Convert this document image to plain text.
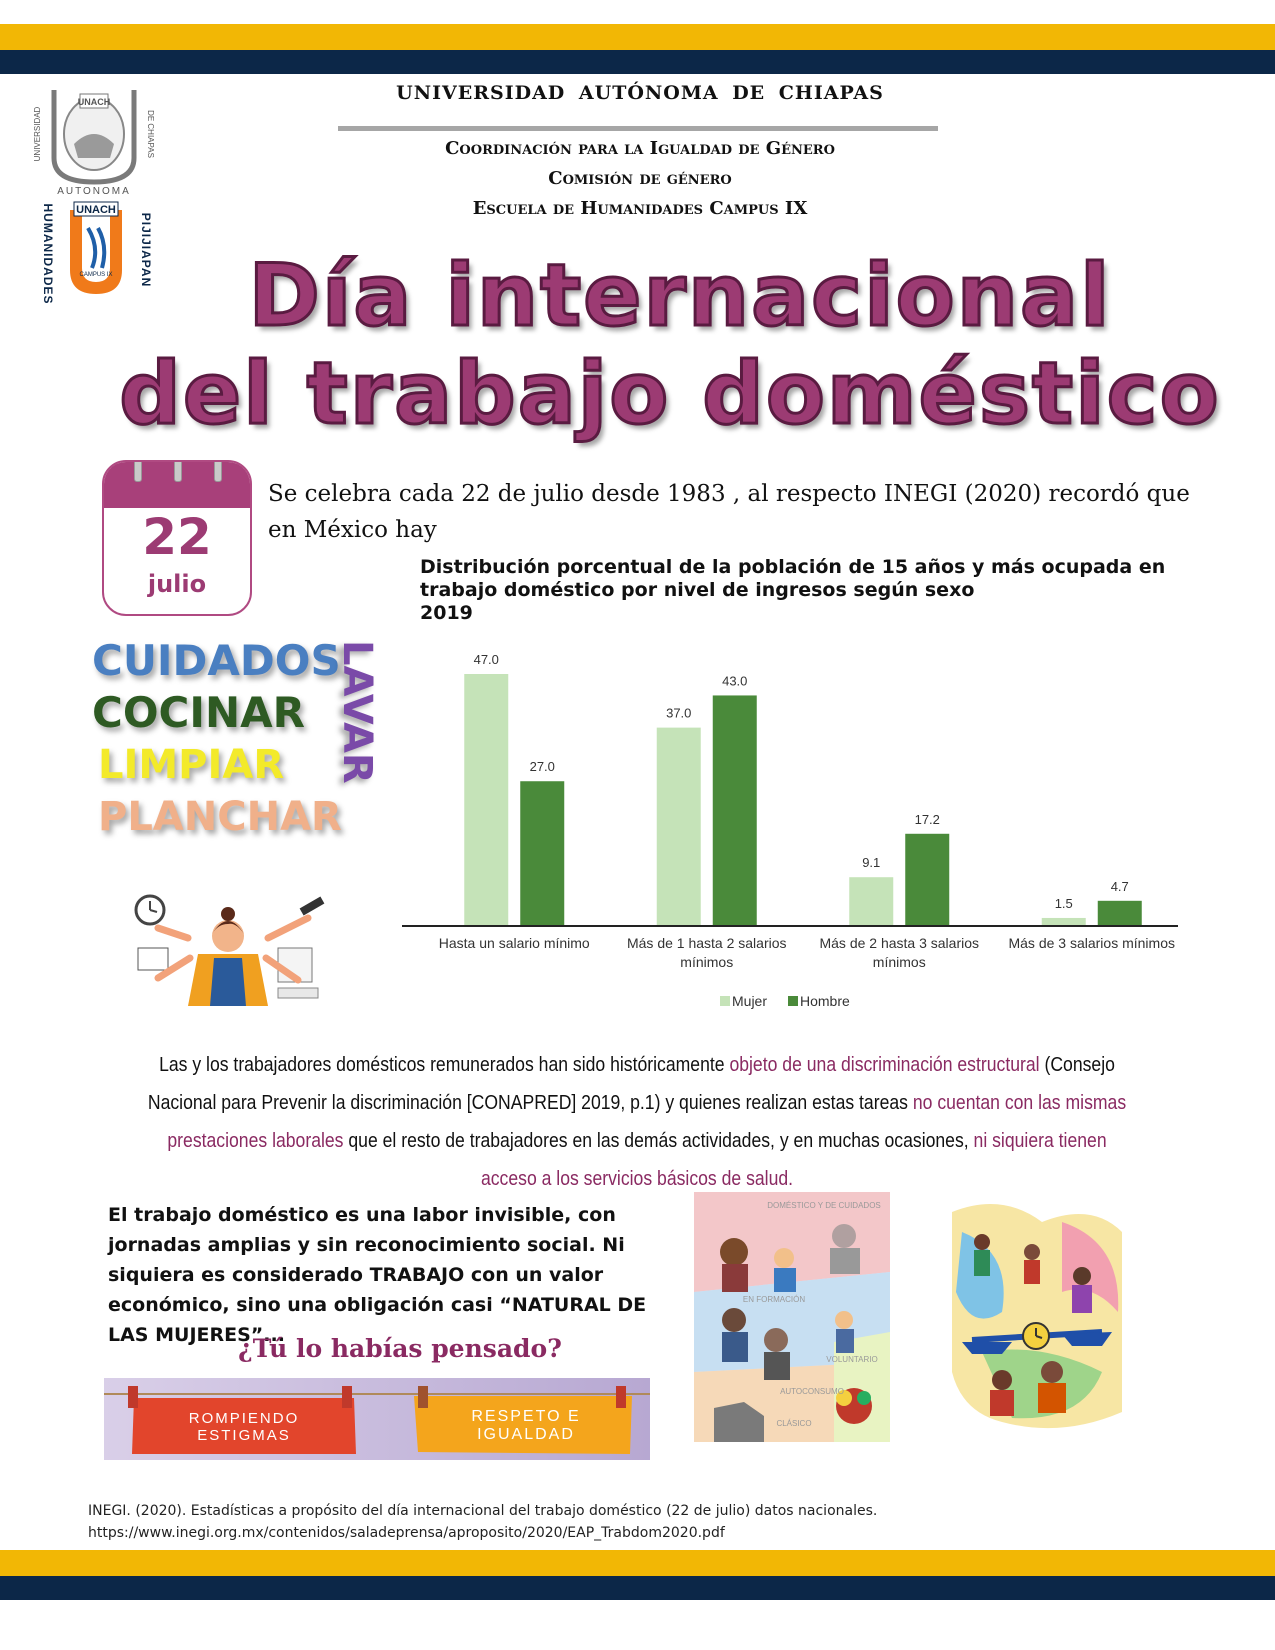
UNIVERSIDAD	DE CHIAPAS
UNACH
AUTONOMA
UNACH
CAMPUS IX
HUMANIDADES	PIJIJIAPAN
UNIVERSIDAD AUTÓNOMA DE CHIAPAS
Coordinación para la Igualdad de Género
Comisión de género
Escuela de Humanidades Campus IX
Día internacional
del trabajo doméstico
22
julio
Se celebra cada 22 de julio desde 1983 , al respecto INEGI (2020) recordó que en México hay
Distribución porcentual de la población de 15 años y más ocupada en trabajo doméstico por nivel de ingresos según sexo
2019
47.0
27.0
Hasta un salario mínimo
37.0
43.0
Más de 1 hasta 2 salarios mínimos
9.1
17.2
Más de 2 hasta 3 salarios mínimos
1.5
4.7
Más de 3 salarios mínimos
Mujer Hombre
CUIDADOS
COCINAR
LIMPIAR
PLANCHAR
LAVAR
Las y los trabajadores domésticos remunerados han sido históricamente objeto de una discriminación estructural (Consejo Nacional para Prevenir la discriminación [CONAPRED] 2019, p.1) y quienes realizan estas tareas no cuentan con las mismas prestaciones laborales que el resto de trabajadores en las demás actividades, y en muchas ocasiones, ni siquiera tienen acceso a los servicios básicos de salud.
El trabajo doméstico es una labor invisible, con jornadas amplias y sin reconocimiento social. Ni siquiera es considerado TRABAJO con un valor económico, sino una obligación casi “NATURAL DE LAS MUJERES”...
¿Tú lo habías pensado?
ROMPIENDO ESTIGMAS
RESPETO E IGUALDAD
DOMÉSTICO Y DE CUIDADOS
EN FORMACIÓN
VOLUNTARIO
AUTOCONSUMO
CLÁSICO
INEGI. (2020). Estadísticas a propósito del día internacional del trabajo doméstico (22 de julio) datos nacionales. https://www.inegi.org.mx/contenidos/saladeprensa/aproposito/2020/EAP_Trabdom2020.pdf
